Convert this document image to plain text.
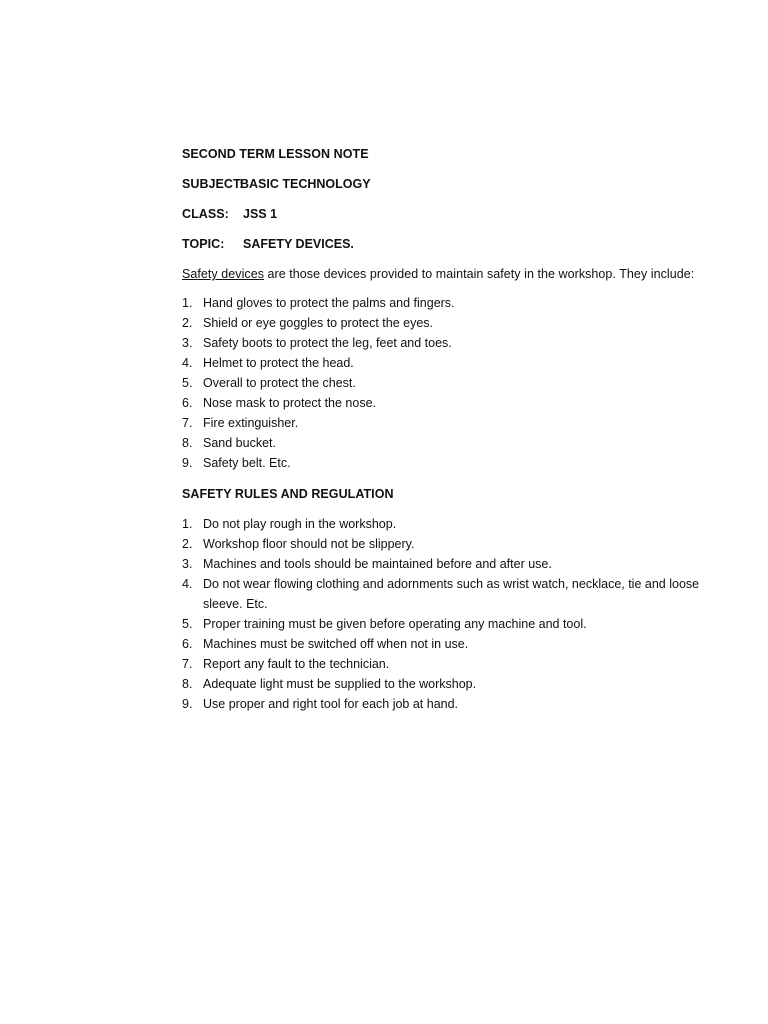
SECOND TERM LESSON NOTE
SUBJECT:
BASIC TECHNOLOGY
CLASS: JSS 1
TOPIC: SAFETY DEVICES.
Safety devices are those devices provided to maintain safety in the workshop. They include:
1. Hand gloves to protect the palms and fingers.
2. Shield or eye goggles to protect the eyes.
3. Safety boots to protect the leg, feet and toes.
4. Helmet to protect the head.
5. Overall to protect the chest.
6. Nose mask to protect the nose.
7. Fire extinguisher.
8. Sand bucket.
9. Safety belt. Etc.
SAFETY RULES AND REGULATION
1. Do not play rough in the workshop.
2. Workshop floor should not be slippery.
3. Machines and tools should be maintained before and after use.
4. Do not wear flowing clothing and adornments such as wrist watch, necklace, tie and loose sleeve. Etc.
5. Proper training must be given before operating any machine and tool.
6. Machines must be switched off when not in use.
7. Report any fault to the technician.
8. Adequate light must be supplied to the workshop.
9. Use proper and right tool for each job at hand.
